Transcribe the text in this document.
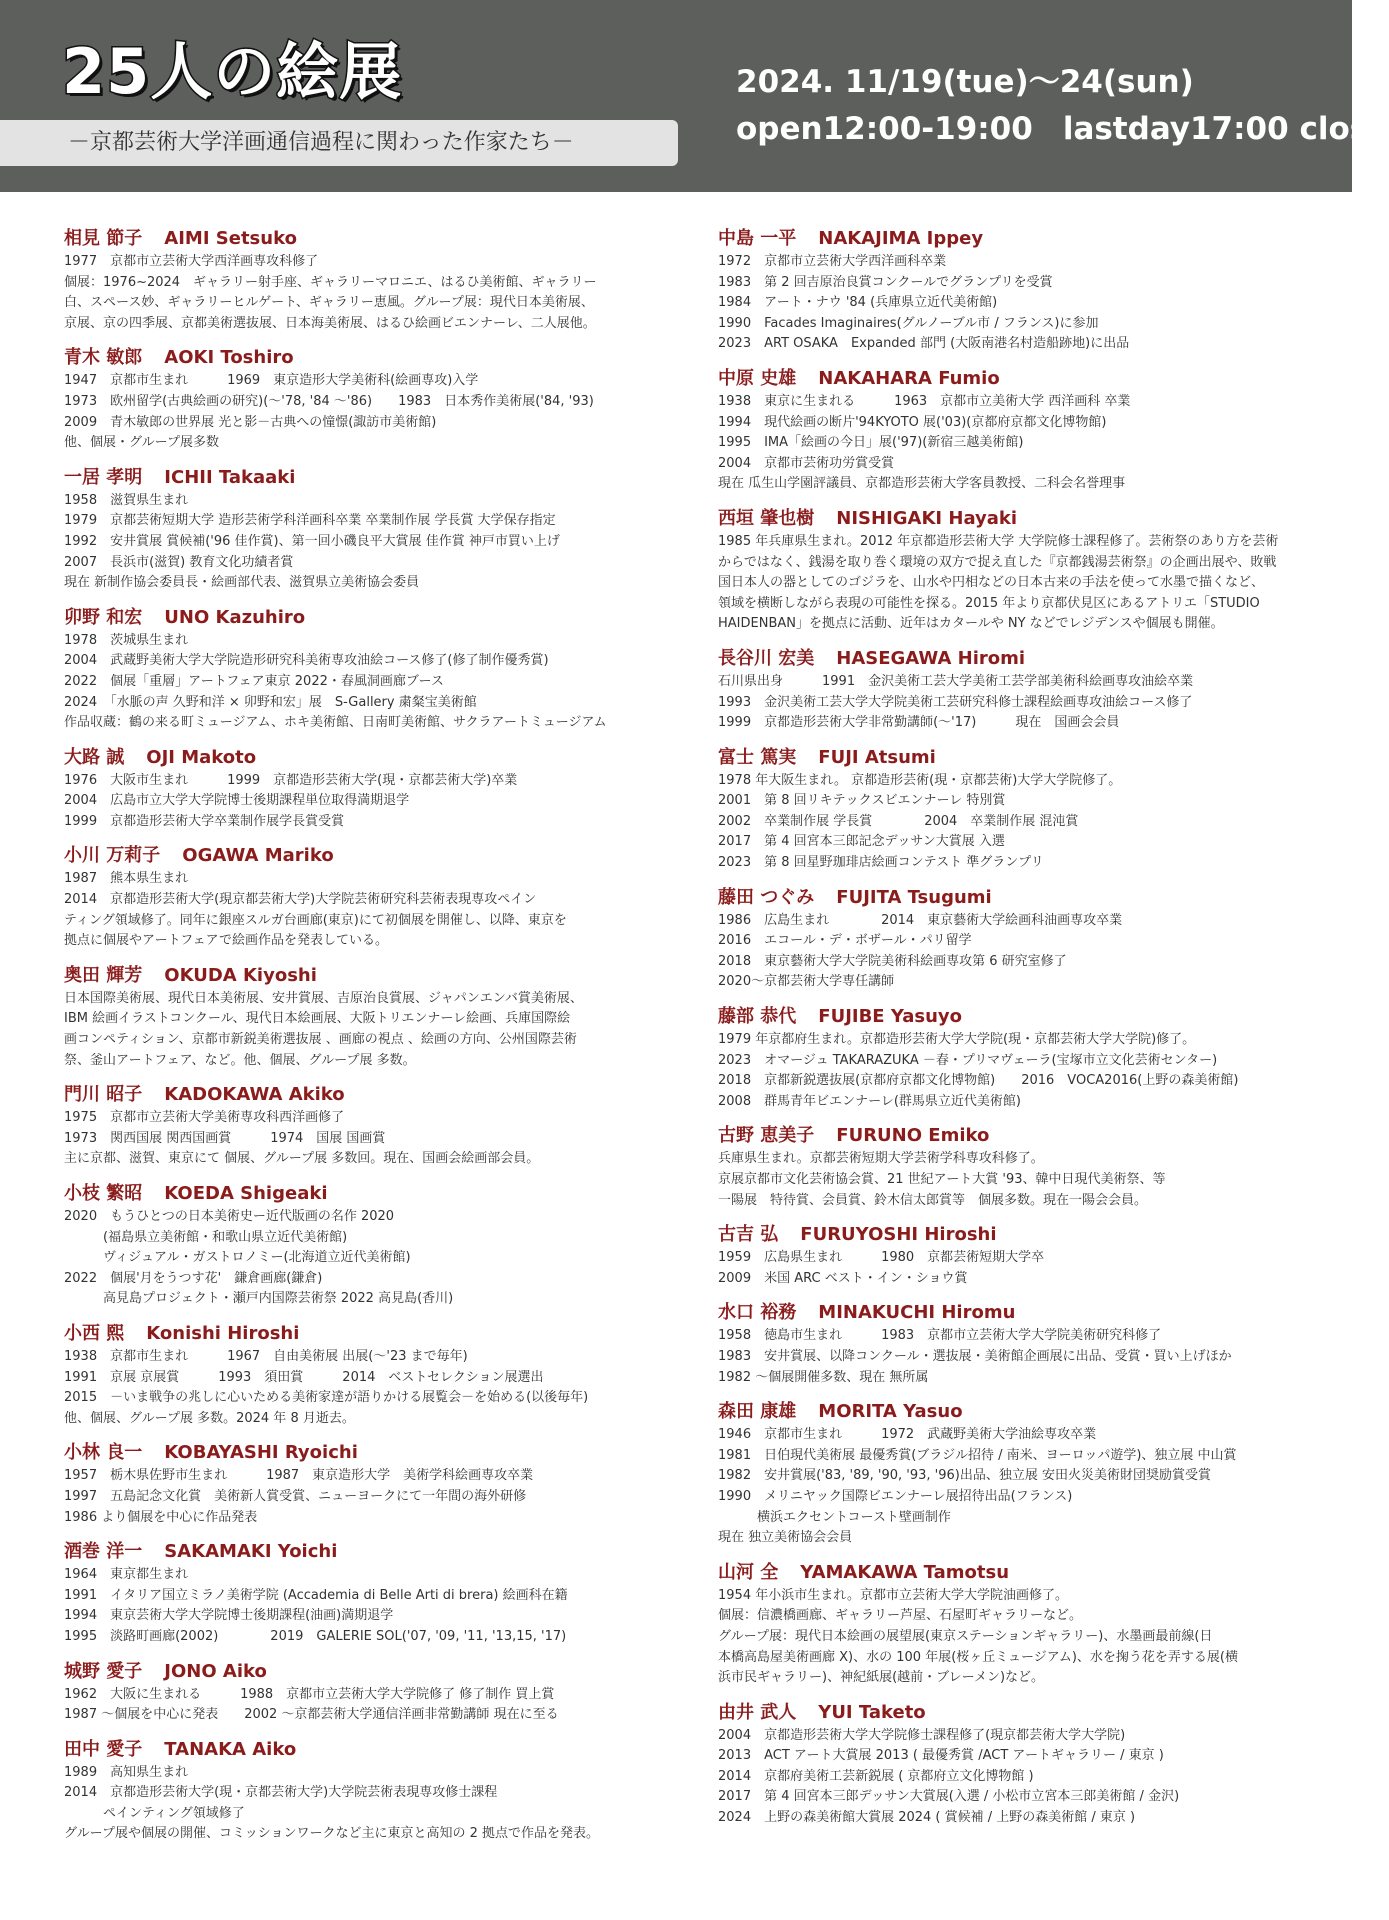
25人の絵展
－京都芸術大学洋画通信過程に関わった作家たち－
2024. 11/19(tue)～24(sun)
open12:00-19:00 lastday17:00 close
相見 節子 AIMI Setsuko
1977　京都市立芸術大学西洋画専攻科修了
個展：1976~2024　ギャラリー射手座、ギャラリーマロニエ、はるひ美術館、ギャラリー
白、スペース妙、ギャラリーヒルゲート、ギャラリー恵風。グループ展：現代日本美術展、
京展、京の四季展、京都美術選抜展、日本海美術展、はるひ絵画ビエンナーレ、二人展他。
青木 敏郎 AOKI Toshiro
1947　京都市生まれ　　　1969　東京造形大学美術科(絵画専攻)入学
1973　欧州留学(古典絵画の研究)(～'78, '84 ～'86)　　1983　日本秀作美術展('84, '93)
2009　青木敏郎の世界展 光と影－古典への憧憬(諏訪市美術館)
他、個展・グループ展多数
一居 孝明 ICHII Takaaki
1958　滋賀県生まれ
1979　京都芸術短期大学 造形芸術学科洋画科卒業 卒業制作展 学長賞 大学保存指定
1992　安井賞展 賞候補('96 佳作賞)、第一回小磯良平大賞展 佳作賞 神戸市買い上げ
2007　長浜市(滋賀) 教育文化功績者賞
現在 新制作協会委員長・絵画部代表、滋賀県立美術協会委員
卯野 和宏 UNO Kazuhiro
1978　茨城県生まれ
2004　武蔵野美術大学大学院造形研究科美術専攻油絵コース修了(修了制作優秀賞)
2022　個展「重層」アートフェア東京 2022・春風洞画廊ブース
2024　「水脈の声 久野和洋 × 卯野和宏」展　S-Gallery 粛粲宝美術館
作品収蔵：鶴の来る町ミュージアム、ホキ美術館、日南町美術館、サクラアートミュージアム
大路 誠 OJI Makoto
1976　大阪市生まれ　　　1999　京都造形芸術大学(現・京都芸術大学)卒業
2004　広島市立大学大学院博士後期課程単位取得満期退学
1999　京都造形芸術大学卒業制作展学長賞受賞
小川 万莉子 OGAWA Mariko
1987　熊本県生まれ
2014　京都造形芸術大学(現京都芸術大学)大学院芸術研究科芸術表現専攻ペイン
ティング領域修了。同年に銀座スルガ台画廊(東京)にて初個展を開催し、以降、東京を
拠点に個展やアートフェアで絵画作品を発表している。
奥田 輝芳 OKUDA Kiyoshi
日本国際美術展、現代日本美術展、安井賞展、吉原治良賞展、ジャパンエンバ賞美術展、
IBM 絵画イラストコンクール、現代日本絵画展、大阪トリエンナーレ絵画、兵庫国際絵
画コンペティション、京都市新鋭美術選抜展 、画廊の視点 、絵画の方向、公州国際芸術
祭、釜山アートフェア、など。他、個展、グループ展 多数。
門川 昭子 KADOKAWA Akiko
1975　京都市立芸術大学美術専攻科西洋画修了
1973　関西国展 関西国画賞　　　1974　国展 国画賞
主に京都、滋賀、東京にて 個展、グループ展 多数回。現在、国画会絵画部会員。
小枝 繁昭 KOEDA Shigeaki
2020　もうひとつの日本美術史ー近代版画の名作 2020
　　　(福島県立美術館・和歌山県立近代美術館)
　　　ヴィジュアル・ガストロノミー(北海道立近代美術館)
2022　個展'月をうつす花'　鎌倉画廊(鎌倉)
　　　高見島プロジェクト・瀬戸内国際芸術祭 2022 高見島(香川)
小西 熙 Konishi Hiroshi
1938　京都市生まれ　　　1967　自由美術展 出展(～'23 まで毎年)
1991　京展 京展賞　　　1993　須田賞　　　2014　ベストセレクション展選出
2015　－いま戦争の兆しに心いためる美術家達が語りかける展覧会－を始める(以後毎年)
他、個展、グループ展 多数。2024 年 8 月逝去。
小林 良一 KOBAYASHI Ryoichi
1957　栃木県佐野市生まれ　　　1987　東京造形大学　美術学科絵画専攻卒業
1997　五島記念文化賞　美術新人賞受賞、ニューヨークにて一年間の海外研修
1986 より個展を中心に作品発表
酒巻 洋一 SAKAMAKI Yoichi
1964　東京都生まれ
1991　イタリア国立ミラノ美術学院 (Accademia di Belle Arti di brera) 絵画科在籍
1994　東京芸術大学大学院博士後期課程(油画)満期退学
1995　淡路町画廊(2002)　　　　2019　GALERIE SOL('07, '09, '11, '13,15, '17)
城野 愛子 JONO Aiko
1962　大阪に生まれる　　　1988　京都市立芸術大学大学院修了 修了制作 買上賞
1987 ～個展を中心に発表　　2002 ～京都芸術大学通信洋画非常勤講師 現在に至る
田中 愛子 TANAKA Aiko
1989　高知県生まれ
2014　京都造形芸術大学(現・京都芸術大学)大学院芸術表現専攻修士課程
　　　ペインティング領域修了
グループ展や個展の開催、コミッションワークなど主に東京と高知の 2 拠点で作品を発表。
中島 一平 NAKAJIMA Ippey
1972　京都市立芸術大学西洋画科卒業
1983　第 2 回吉原治良賞コンクールでグランプリを受賞
1984　アート・ナウ '84 (兵庫県立近代美術館)
1990　Facades Imaginaires(グルノーブル市 / フランス)に参加
2023　ART OSAKA　Expanded 部門 (大阪南港名村造船跡地)に出品
中原 史雄 NAKAHARA Fumio
1938　東京に生まれる　　　1963　京都市立美術大学 西洋画科 卒業
1994　現代絵画の断片'94KYOTO 展('03)(京都府京都文化博物館)
1995　IMA「絵画の今日」展('97)(新宿三越美術館)
2004　京都市芸術功労賞受賞
現在 瓜生山学園評議員、京都造形芸術大学客員教授、二科会名誉理事
西垣 肇也樹 NISHIGAKI Hayaki
1985 年兵庫県生まれ。2012 年京都造形芸術大学 大学院修士課程修了。芸術祭のあり方を芸術
からではなく、銭湯を取り巻く環境の双方で捉え直した『京都銭湯芸術祭』の企画出展や、敗戦
国日本人の器としてのゴジラを、山水や円相などの日本古来の手法を使って水墨で描くなど、
領域を横断しながら表現の可能性を探る。2015 年より京都伏見区にあるアトリエ「STUDIO
HAIDENBAN」を拠点に活動、近年はカタールや NY などでレジデンスや個展も開催。
長谷川 宏美 HASEGAWA Hiromi
石川県出身　　　1991　金沢美術工芸大学美術工芸学部美術科絵画専攻油絵卒業
1993　金沢美術工芸大学大学院美術工芸研究科修士課程絵画専攻油絵コース修了
1999　京都造形芸術大学非常勤講師(～'17)　　　現在　国画会会員
富士 篤実 FUJI Atsumi
1978 年大阪生まれ。 京都造形芸術(現・京都芸術)大学大学院修了。
2001　第 8 回リキテックスビエンナーレ 特別賞
2002　卒業制作展 学長賞　　　　2004　卒業制作展 混沌賞
2017　第 4 回宮本三郎記念デッサン大賞展 入選
2023　第 8 回星野珈琲店絵画コンテスト 準グランプリ
藤田 つぐみ FUJITA Tsugumi
1986　広島生まれ　　　　2014　東京藝術大学絵画科油画専攻卒業
2016　エコール・デ・ボザール・パリ留学
2018　東京藝術大学大学院美術科絵画専攻第 6 研究室修了
2020～京都芸術大学専任講師
藤部 恭代 FUJIBE Yasuyo
1979 年京都府生まれ。京都造形芸術大学大学院(現・京都芸術大学大学院)修了。
2023　オマージュ TAKARAZUKA －春・プリマヴェーラ(宝塚市立文化芸術センター)
2018　京都新鋭選抜展(京都府京都文化博物館)　　2016　VOCA2016(上野の森美術館)
2008　群馬青年ビエンナーレ(群馬県立近代美術館)
古野 恵美子 FURUNO Emiko
兵庫県生まれ。京都芸術短期大学芸術学科専攻科修了。
京展京都市文化芸術協会賞、21 世紀アート大賞 '93、韓中日現代美術祭、等
一陽展　特待賞、会員賞、鈴木信太郎賞等　個展多数。現在一陽会会員。
古吉 弘 FURUYOSHI Hiroshi
1959　広島県生まれ　　　1980　京都芸術短期大学卒
2009　米国 ARC ベスト・イン・ショウ賞
水口 裕務 MINAKUCHI Hiromu
1958　徳島市生まれ　　　1983　京都市立芸術大学大学院美術研究科修了
1983　安井賞展、以降コンクール・選抜展・美術館企画展に出品、受賞・買い上げほか
1982 ～個展開催多数、現在 無所属
森田 康雄 MORITA Yasuo
1946　京都市生まれ　　　1972　武蔵野美術大学油絵専攻卒業
1981　日伯現代美術展 最優秀賞(ブラジル招待 / 南米、ヨーロッパ遊学)、独立展 中山賞
1982　安井賞展('83, '89, '90, '93, '96)出品、独立展 安田火災美術財団奨励賞受賞
1990　メリニヤック国際ビエンナーレ展招待出品(フランス)
　　　横浜エクセントコースト壁画制作
現在 独立美術協会会員
山河 全 YAMAKAWA Tamotsu
1954 年小浜市生まれ。京都市立芸術大学大学院油画修了。
個展：信濃橋画廊、ギャラリー芦屋、石屋町ギャラリーなど。
グループ展：現代日本絵画の展望展(東京ステーションギャラリー)、水墨画最前線(日
本橋高島屋美術画廊 X)、水の 100 年展(桜ヶ丘ミュージアム)、水を掬う花を弄する展(横
浜市民ギャラリー)、神紀紙展(越前・ブレーメン)など。
由井 武人 YUI Taketo
2004　京都造形芸術大学大学院修士課程修了(現京都芸術大学大学院)
2013　ACT アート大賞展 2013 ( 最優秀賞 /ACT アートギャラリー / 東京 )
2014　京都府美術工芸新鋭展 ( 京都府立文化博物館 )
2017　第 4 回宮本三郎デッサン大賞展(入選 / 小松市立宮本三郎美術館 / 金沢)
2024　上野の森美術館大賞展 2024 ( 賞候補 / 上野の森美術館 / 東京 )
